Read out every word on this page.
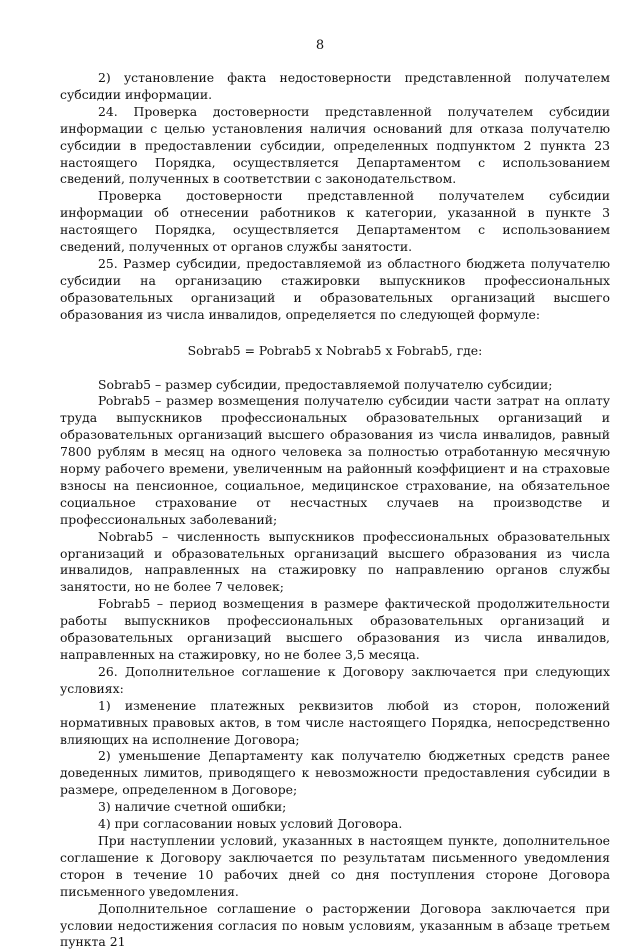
8

2) установление факта недостоверности представленной получателем субсидии информации.

24. Проверка достоверности представленной получателем субсидии информации с целью установления наличия оснований для отказа получателю субсидии в предоставлении субсидии, определенных подпунктом 2 пункта 23 настоящего Порядка, осуществляется Департаментом с использованием сведений, полученных в соответствии с законодательством.

Проверка достоверности представленной получателем субсидии информации об отнесении работников к категории, указанной в пункте 3 настоящего Порядка, осуществляется Департаментом с использованием сведений, полученных от органов службы занятости.

25. Размер субсидии, предоставляемой из областного бюджета получателю субсидии на организацию стажировки выпускников профессиональных образовательных организаций и образовательных организаций высшего образования из числа инвалидов, определяется по следующей формуле:

Sobrab5 = Pobrab5 x Nobrab5 x Fobrab5, где:

Sobrab5 – размер субсидии, предоставляемой получателю субсидии;

Pobrab5 – размер возмещения получателю субсидии части затрат на оплату труда выпускников профессиональных образовательных организаций и образовательных организаций высшего образования из числа инвалидов, равный 7800 рублям в месяц на одного человека за полностью отработанную месячную норму рабочего времени, увеличенным на районный коэффициент и на страховые взносы на пенсионное, социальное, медицинское страхование, на обязательное социальное страхование от несчастных случаев на производстве и профессиональных заболеваний;

Nobrab5 – численность выпускников профессиональных образовательных организаций и образовательных организаций высшего образования из числа инвалидов, направленных на стажировку по направлению органов службы занятости, но не более 7 человек;

Fobrab5 – период возмещения в размере фактической продолжительности работы выпускников профессиональных образовательных организаций и образовательных организаций высшего образования из числа инвалидов, направленных на стажировку, но не более 3,5 месяца.

26. Дополнительное соглашение к Договору заключается при следующих условиях:

1) изменение платежных реквизитов любой из сторон, положений нормативных правовых актов, в том числе настоящего Порядка, непосредственно влияющих на исполнение Договора;

2) уменьшение Департаменту как получателю бюджетных средств ранее доведенных лимитов, приводящего к невозможности предоставления субсидии в размере, определенном в Договоре;

3) наличие счетной ошибки;

4) при согласовании новых условий Договора.

При наступлении условий, указанных в настоящем пункте, дополнительное соглашение к Договору заключается по результатам письменного уведомления сторон в течение 10 рабочих дней со дня поступления стороне Договора письменного уведомления.

Дополнительное соглашение о расторжении Договора заключается при условии недостижения согласия по новым условиям, указанным в абзаце третьем пункта 21
